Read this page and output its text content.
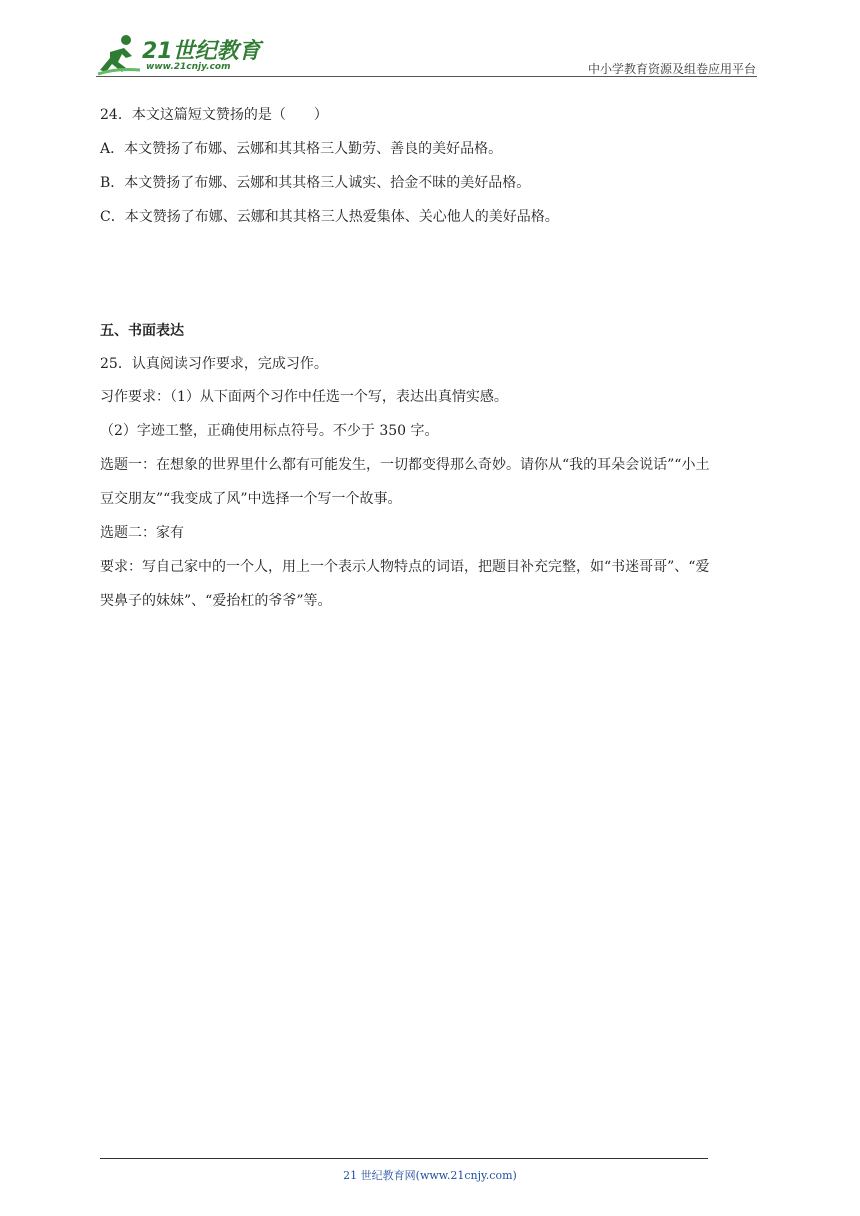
21世纪教育
www.21cnjy.com	中小学教育资源及组卷应用平台
24．本文这篇短文赞扬的是（　　）
A．本文赞扬了布娜、云娜和其其格三人勤劳、善良的美好品格。
B．本文赞扬了布娜、云娜和其其格三人诚实、拾金不昧的美好品格。
C．本文赞扬了布娜、云娜和其其格三人热爱集体、关心他人的美好品格。
五、书面表达
25．认真阅读习作要求，完成习作。
习作要求：（1）从下面两个习作中任选一个写，表达出真情实感。
（2）字迹工整，正确使用标点符号。不少于 350 字。
选题一：在想象的世界里什么都有可能发生，一切都变得那么奇妙。请你从“我的耳朵会说话”“小土
豆交朋友”“我变成了风”中选择一个写一个故事。
选题二：家有
要求：写自己家中的一个人，用上一个表示人物特点的词语，把题目补充完整，如“书迷哥哥”、“爱
哭鼻子的妹妹”、“爱抬杠的爷爷”等。
21 世纪教育网(www.21cnjy.com)
